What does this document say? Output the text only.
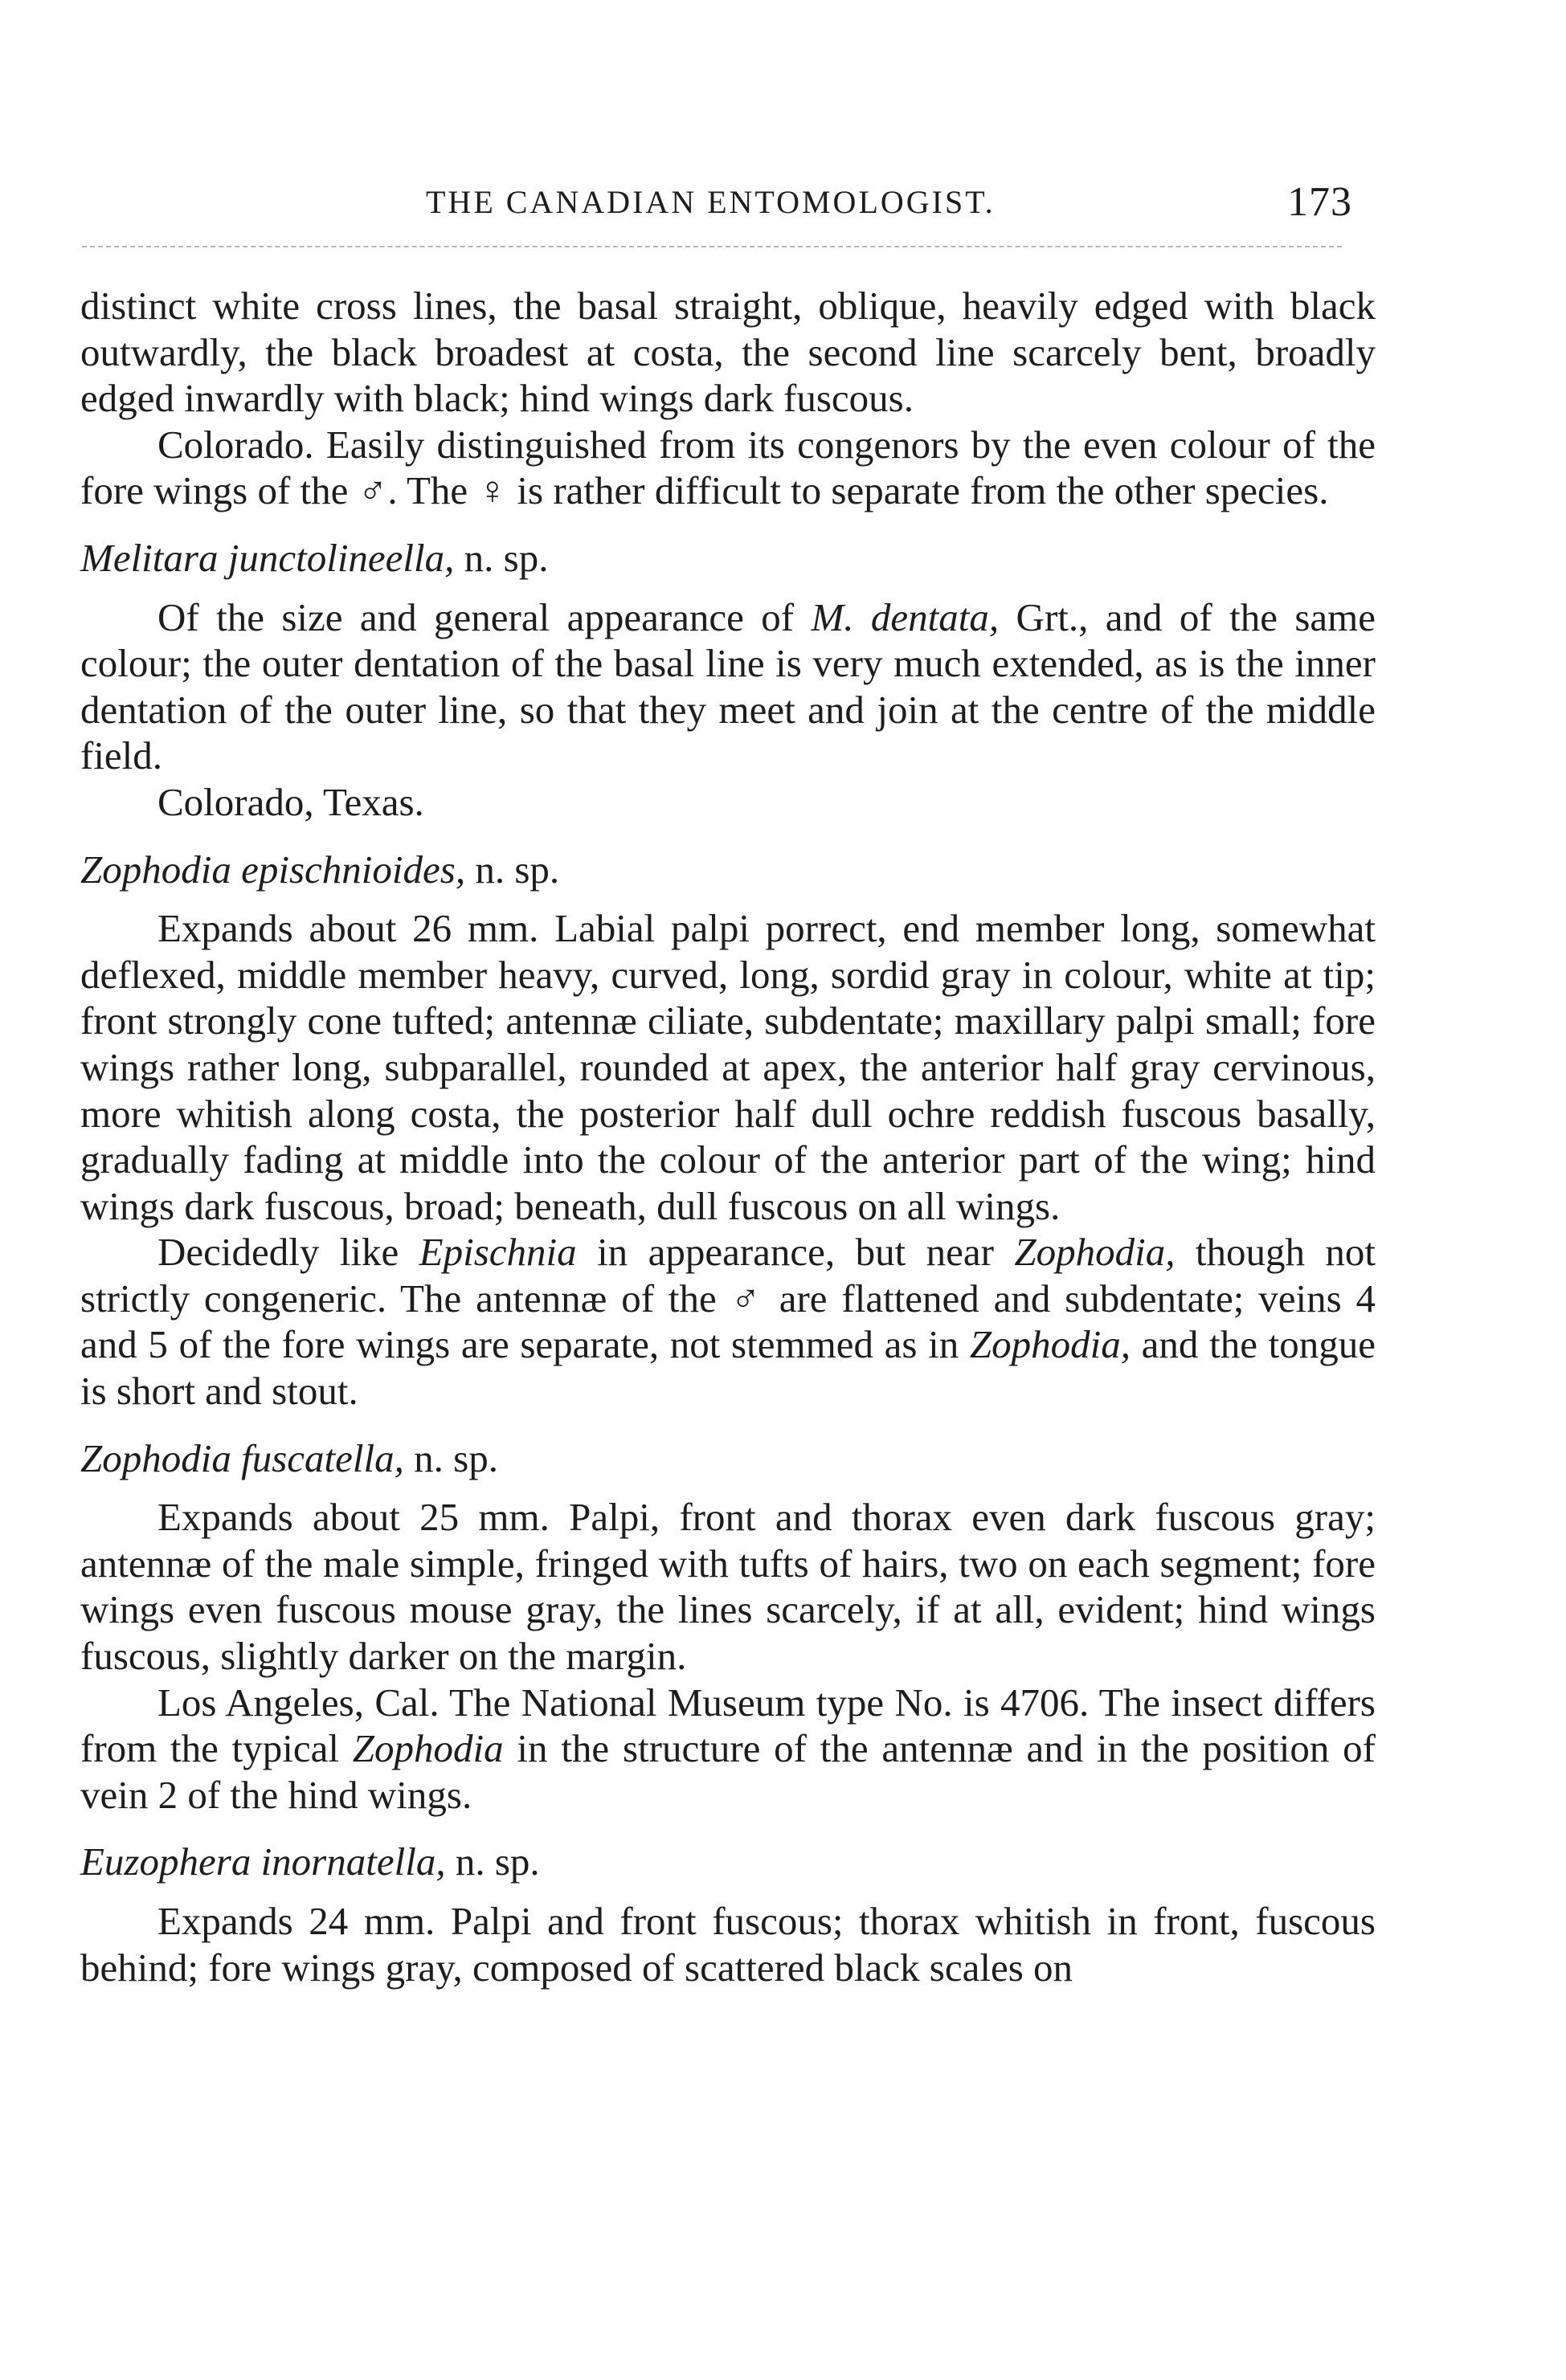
THE CANADIAN ENTOMOLOGIST.	173

distinct white cross lines, the basal straight, oblique, heavily edged with black outwardly, the black broadest at costa, the second line scarcely bent, broadly edged inwardly with black; hind wings dark fuscous.

Colorado. Easily distinguished from its congenors by the even colour of the fore wings of the ♂. The ♀ is rather difficult to separate from the other species.

Melitara junctolineella, n. sp.

Of the size and general appearance of M. dentata, Grt., and of the same colour; the outer dentation of the basal line is very much extended, as is the inner dentation of the outer line, so that they meet and join at the centre of the middle field.

Colorado, Texas.

Zophodia epischnioides, n. sp.

Expands about 26 mm. Labial palpi porrect, end member long, somewhat deflexed, middle member heavy, curved, long, sordid gray in colour, white at tip; front strongly cone tufted; antennæ ciliate, subdentate; maxillary palpi small; fore wings rather long, subparallel, rounded at apex, the anterior half gray cervinous, more whitish along costa, the posterior half dull ochre reddish fuscous basally, gradually fading at middle into the colour of the anterior part of the wing; hind wings dark fuscous, broad; beneath, dull fuscous on all wings.

Decidedly like Epischnia in appearance, but near Zophodia, though not strictly congeneric. The antennæ of the ♂ are flattened and subdentate; veins 4 and 5 of the fore wings are separate, not stemmed as in Zophodia, and the tongue is short and stout.

Zophodia fuscatella, n. sp.

Expands about 25 mm. Palpi, front and thorax even dark fuscous gray; antennæ of the male simple, fringed with tufts of hairs, two on each segment; fore wings even fuscous mouse gray, the lines scarcely, if at all, evident; hind wings fuscous, slightly darker on the margin.

Los Angeles, Cal. The National Museum type No. is 4706. The insect differs from the typical Zophodia in the structure of the antennæ and in the position of vein 2 of the hind wings.

Euzophera inornatella, n. sp.

Expands 24 mm. Palpi and front fuscous; thorax whitish in front, fuscous behind; fore wings gray, composed of scattered black scales on
